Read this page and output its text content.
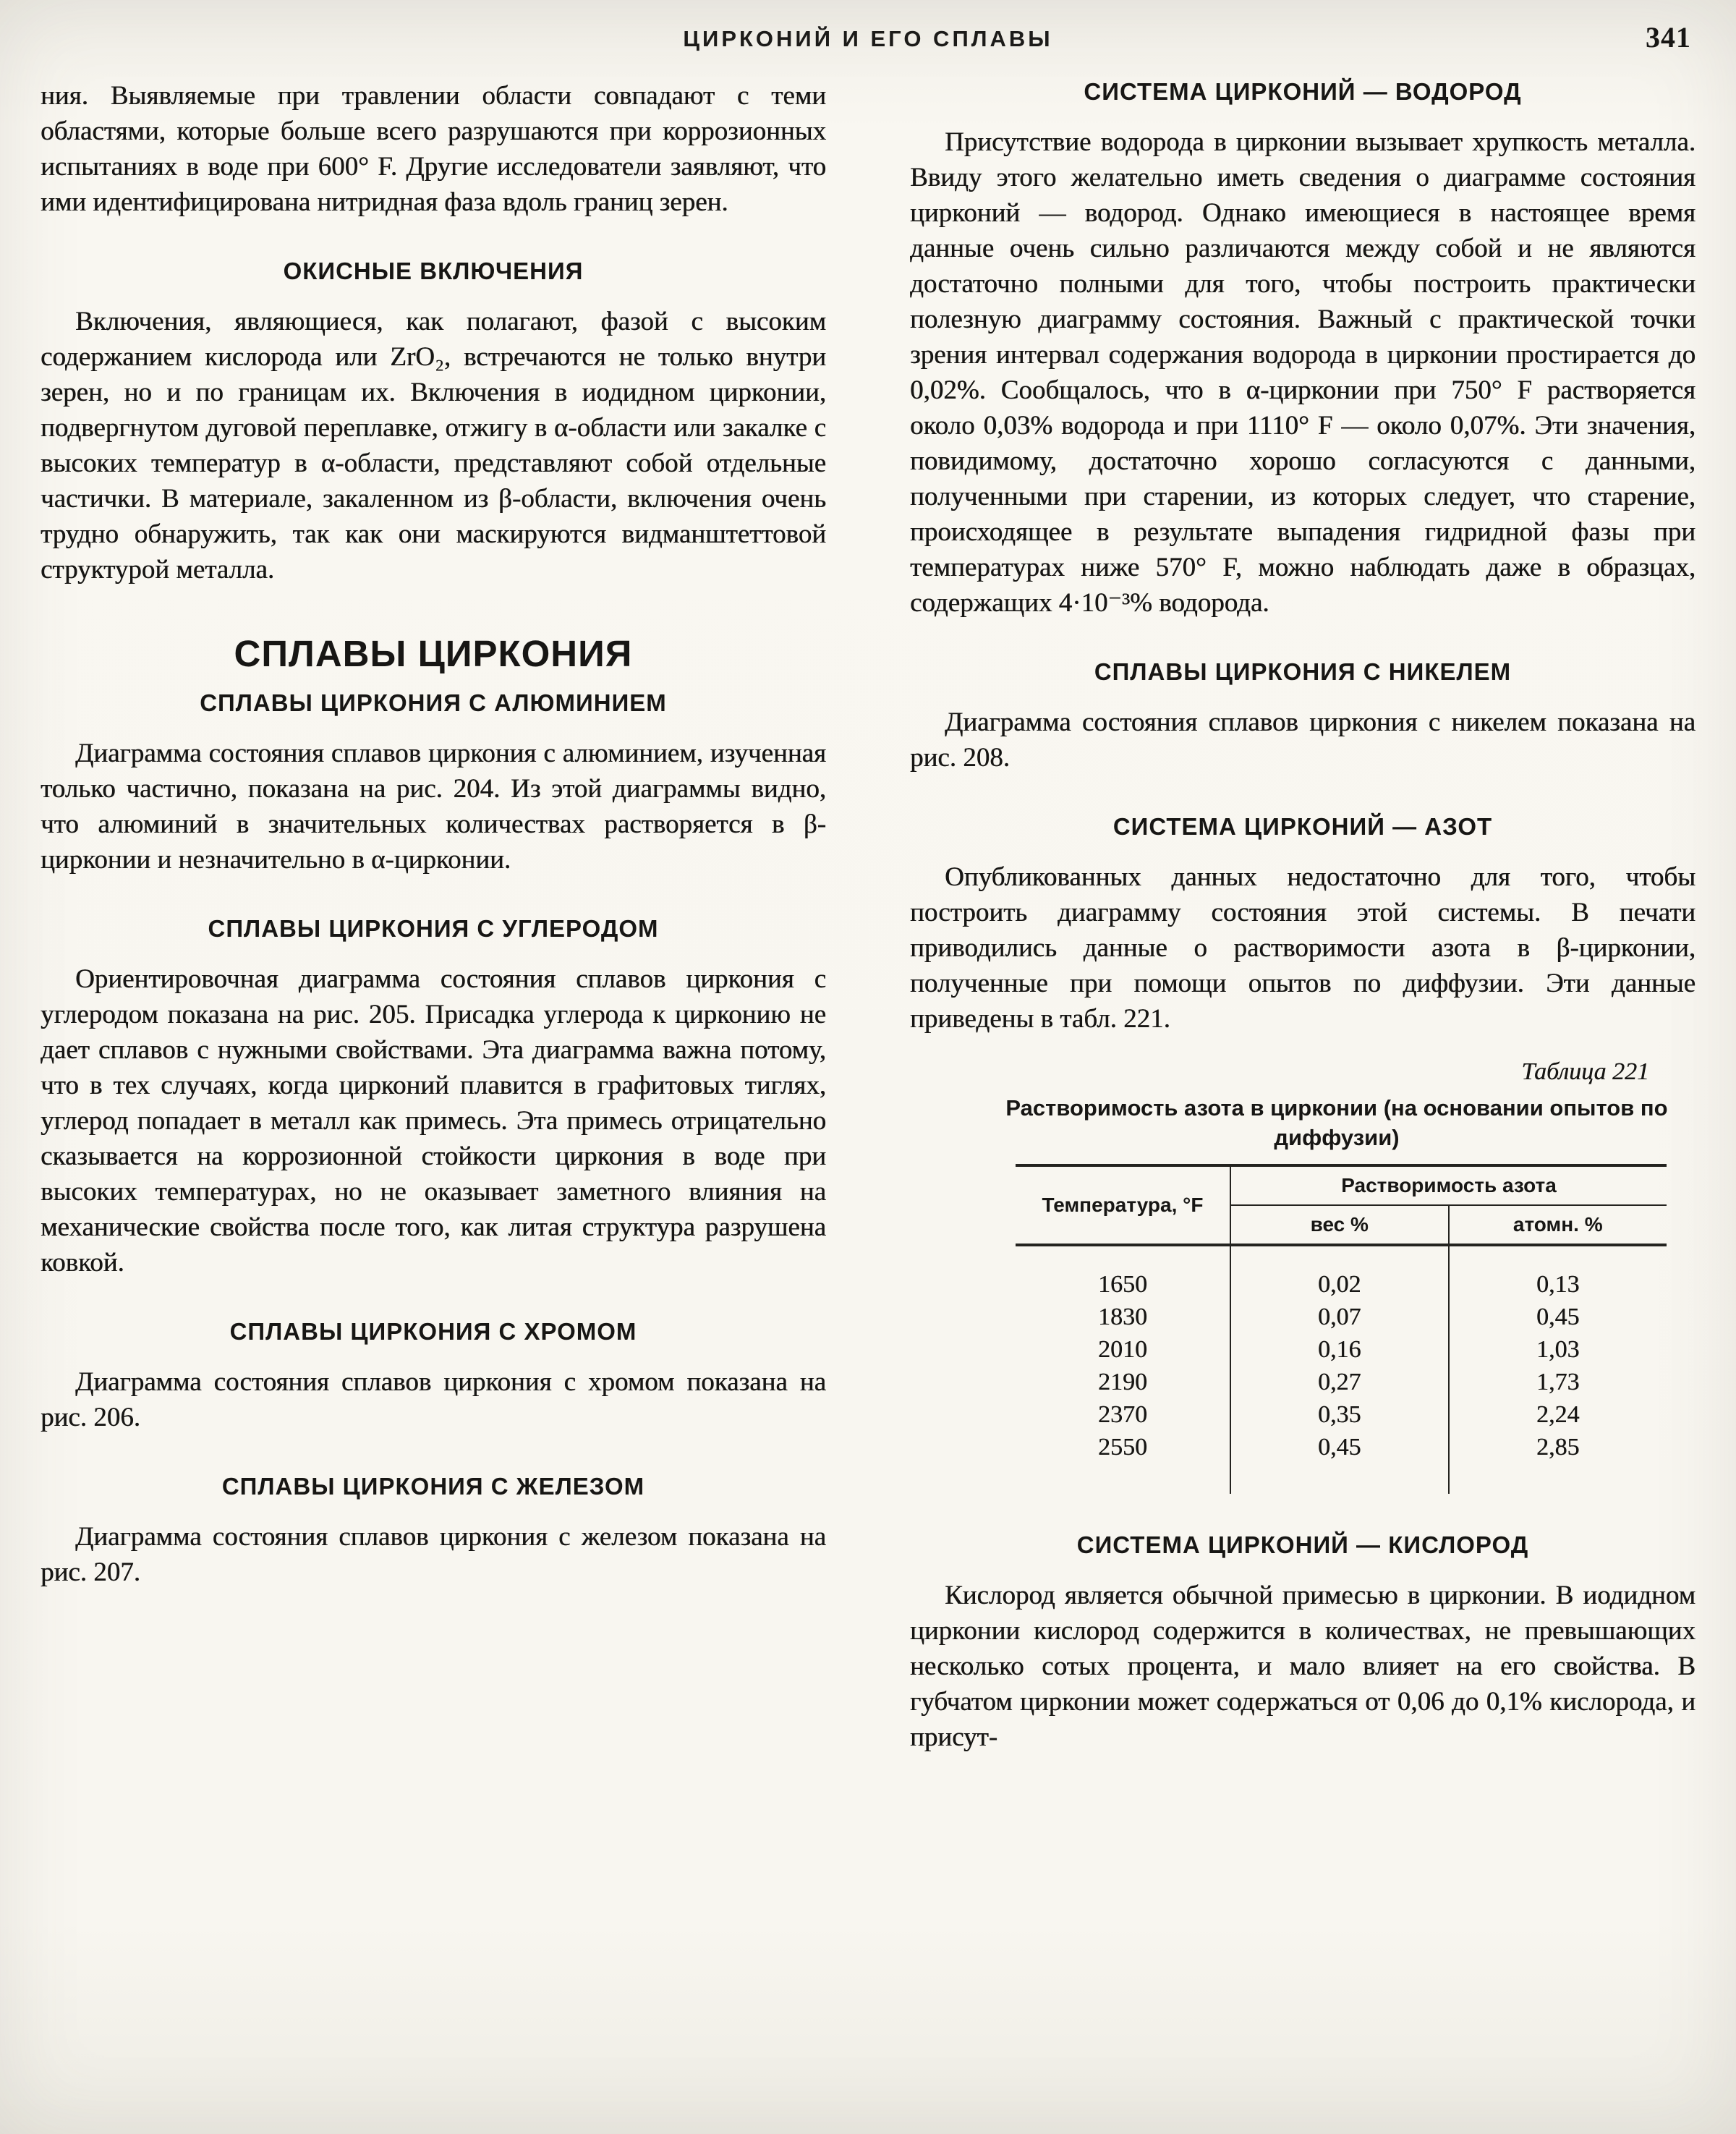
ЦИРКОНИЙ И ЕГО СПЛАВЫ	341

ния. Выявляемые при травлении области совпадают с теми областями, которые больше всего разрушаются при коррозионных испытаниях в воде при 600° F. Другие исследователи заявляют, что ими идентифицирована нитридная фаза вдоль границ зерен.

ОКИСНЫЕ ВКЛЮЧЕНИЯ

Включения, являющиеся, как полагают, фазой с высоким содержанием кислорода или ZrO₂, встречаются не только внутри зерен, но и по границам их. Включения в иодидном цирконии, подвергнутом дуговой переплавке, отжигу в α-области или закалке с высоких температур в α-области, представляют собой отдельные частички. В материале, закаленном из β-области, включения очень трудно обнаружить, так как они маскируются видманштеттовой структурой металла.

СПЛАВЫ ЦИРКОНИЯ
СПЛАВЫ ЦИРКОНИЯ С АЛЮМИНИЕМ

Диаграмма состояния сплавов циркония с алюминием, изученная только частично, показана на рис. 204. Из этой диаграммы видно, что алюминий в значительных количествах растворяется в β-цирконии и незначительно в α-цирконии.

СПЛАВЫ ЦИРКОНИЯ С УГЛЕРОДОМ

Ориентировочная диаграмма состояния сплавов циркония с углеродом показана на рис. 205. Присадка углерода к цирконию не дает сплавов с нужными свойствами. Эта диаграмма важна потому, что в тех случаях, когда цирконий плавится в графитовых тиглях, углерод попадает в металл как примесь. Эта примесь отрицательно сказывается на коррозионной стойкости циркония в воде при высоких температурах, но не оказывает заметного влияния на механические свойства после того, как литая структура разрушена ковкой.

СПЛАВЫ ЦИРКОНИЯ С ХРОМОМ

Диаграмма состояния сплавов циркония с хромом показана на рис. 206.

СПЛАВЫ ЦИРКОНИЯ С ЖЕЛЕЗОМ

Диаграмма состояния сплавов циркония с железом показана на рис. 207.

СИСТЕМА ЦИРКОНИЙ — ВОДОРОД

Присутствие водорода в цирконии вызывает хрупкость металла. Ввиду этого желательно иметь сведения о диаграмме состояния цирконий — водород. Однако имеющиеся в настоящее время данные очень сильно различаются между собой и не являются достаточно полными для того, чтобы построить практически полезную диаграмму состояния. Важный с практической точки зрения интервал содержания водорода в цирконии простирается до 0,02%. Сообщалось, что в α-цирконии при 750° F растворяется около 0,03% водорода и при 1110° F — около 0,07%. Эти значения, повидимому, достаточно хорошо согласуются с данными, полученными при старении, из которых следует, что старение, происходящее в результате выпадения гидридной фазы при температурах ниже 570° F, можно наблюдать даже в образцах, содержащих 4·10⁻³% водорода.

СПЛАВЫ ЦИРКОНИЯ С НИКЕЛЕМ

Диаграмма состояния сплавов циркония с никелем показана на рис. 208.

СИСТЕМА ЦИРКОНИЙ — АЗОТ

Опубликованных данных недостаточно для того, чтобы построить диаграмму состояния этой системы. В печати приводились данные о растворимости азота в β-цирконии, полученные при помощи опытов по диффузии. Эти данные приведены в табл. 221.

Таблица 221
Растворимость азота в цирконии (на основании опытов по диффузии)
Температура, °F	Растворимость азота	
	вес %	атомн. %
1650	0,02	0,13
1830	0,07	0,45
2010	0,16	1,03
2190	0,27	1,73
2370	0,35	2,24
2550	0,45	2,85
СИСТЕМА ЦИРКОНИЙ — КИСЛОРОД

Кислород является обычной примесью в цирконии. В иодидном цирконии кислород содержится в количествах, не превышающих несколько сотых процента, и мало влияет на его свойства. В губчатом цирконии может содержаться от 0,06 до 0,1% кислорода, и присут-
